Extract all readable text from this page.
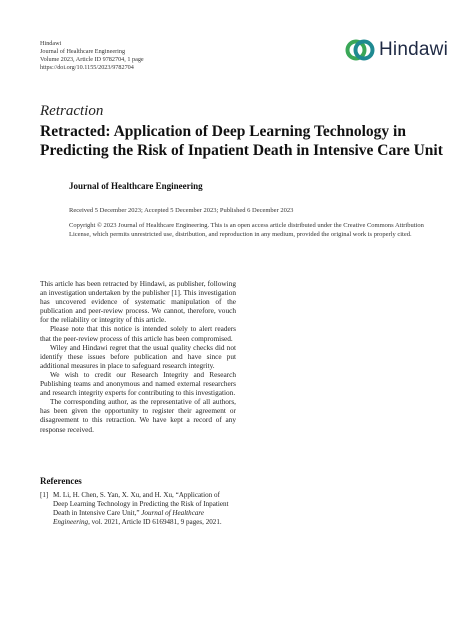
Hindawi
Journal of Healthcare Engineering
Volume 2023, Article ID 9782704, 1 page
https://doi.org/10.1155/2023/9782704
Hindawi
Retraction
Retracted: Application of Deep Learning Technology in Predicting the Risk of Inpatient Death in Intensive Care Unit
Journal of Healthcare Engineering
Received 5 December 2023; Accepted 5 December 2023; Published 6 December 2023

Copyright © 2023 Journal of Healthcare Engineering. This is an open access article distributed under the Creative Commons Attribution License, which permits unrestricted use, distribution, and reproduction in any medium, provided the original work is properly cited.

This article has been retracted by Hindawi, as publisher, following an investigation undertaken by the publisher [1]. This investigation has uncovered evidence of systematic manipulation of the publication and peer-review process. We cannot, therefore, vouch for the reliability or integrity of this article.

Please note that this notice is intended solely to alert readers that the peer-review process of this article has been compromised.

Wiley and Hindawi regret that the usual quality checks did not identify these issues before publication and have since put additional measures in place to safeguard research integrity.

We wish to credit our Research Integrity and Research Publishing teams and anonymous and named external researchers and research integrity experts for contributing to this investigation.

The corresponding author, as the representative of all authors, has been given the opportunity to register their agreement or disagreement to this retraction. We have kept a record of any response received.

References
[1] M. Li, H. Chen, S. Yan, X. Xu, and H. Xu, “Application of Deep Learning Technology in Predicting the Risk of Inpatient Death in Intensive Care Unit,” Journal of Healthcare Engineering, vol. 2021, Article ID 6169481, 9 pages, 2021.
